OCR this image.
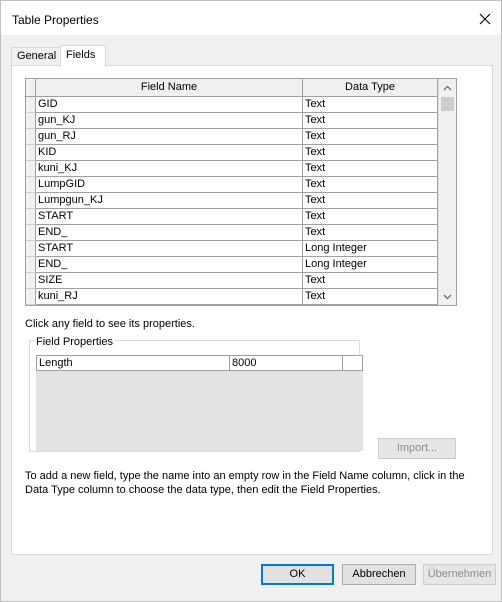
Table Properties
General Fields
Field Name	Data Type
GID	Text
gun_KJ	Text
gun_RJ	Text
KID	Text
kuni_KJ	Text
LumpGID	Text
Lumpgun_KJ	Text
START	Text
END_	Text
START	Long Integer
END_	Long Integer
SIZE	Text
kuni_RJ	Text
Click any field to see its properties.
Field Properties
Length	8000
Import...
To add a new field, type the name into an empty row in the Field Name column, click in the Data Type column to choose the data type, then edit the Field Properties.
OK	Abbrechen	Übernehmen
